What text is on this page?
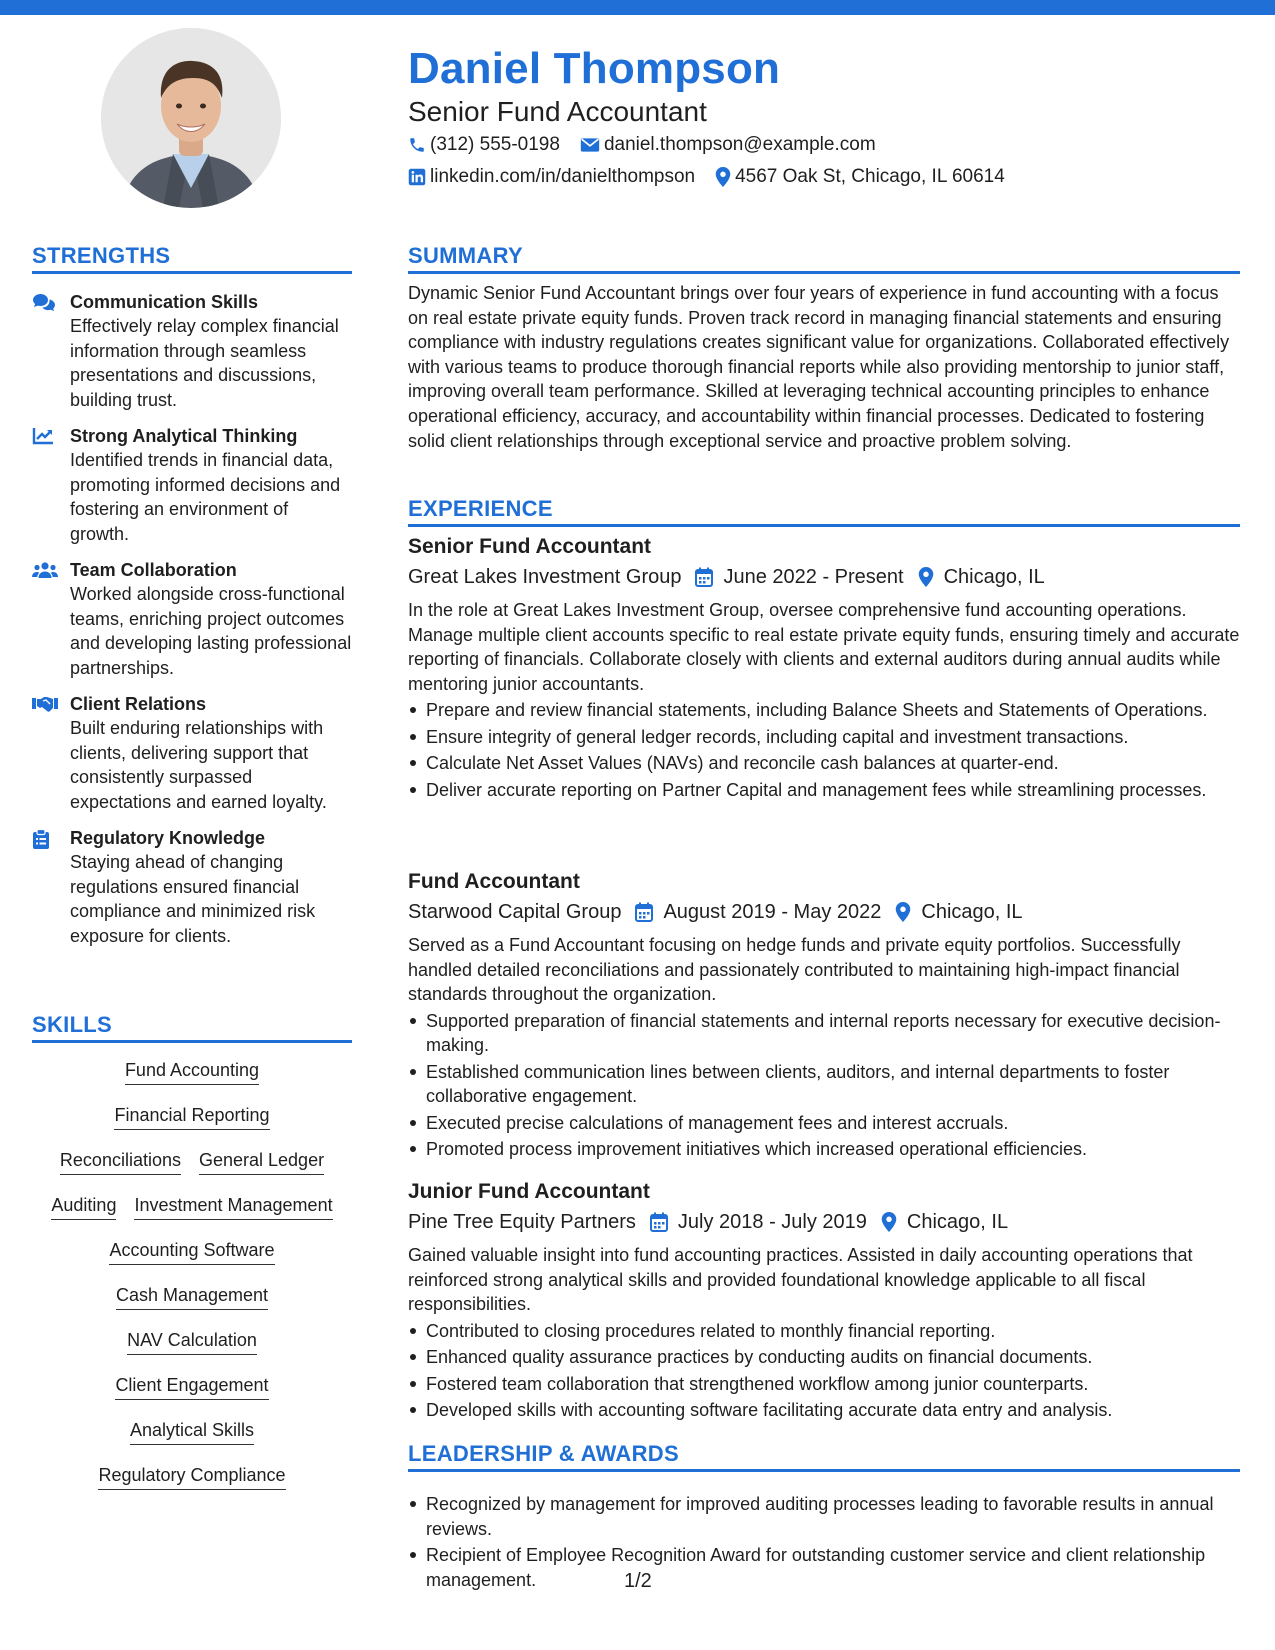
Daniel Thompson
Senior Fund Accountant
(312) 555-0198 daniel.thompson@example.com
linkedin.com/in/danielthompson 4567 Oak St, Chicago, IL 60614
STRENGTHS
Communication Skills
Effectively relay complex financial information through seamless presentations and discussions, building trust.
Strong Analytical Thinking
Identified trends in financial data, promoting informed decisions and fostering an environment of growth.
Team Collaboration
Worked alongside cross-functional teams, enriching project outcomes and developing lasting professional partnerships.
Client Relations
Built enduring relationships with clients, delivering support that consistently surpassed expectations and earned loyalty.
Regulatory Knowledge
Staying ahead of changing regulations ensured financial compliance and minimized risk exposure for clients.
SKILLS
Fund Accounting
Financial Reporting
Reconciliations General Ledger
Auditing Investment Management
Accounting Software
Cash Management
NAV Calculation
Client Engagement
Analytical Skills
Regulatory Compliance
SUMMARY
Dynamic Senior Fund Accountant brings over four years of experience in fund accounting with a focus on real estate private equity funds. Proven track record in managing financial statements and ensuring compliance with industry regulations creates significant value for organizations. Collaborated effectively with various teams to produce thorough financial reports while also providing mentorship to junior staff, improving overall team performance. Skilled at leveraging technical accounting principles to enhance operational efficiency, accuracy, and accountability within financial processes. Dedicated to fostering solid client relationships through exceptional service and proactive problem solving.
EXPERIENCE
Senior Fund Accountant
Great Lakes Investment Group June 2022 - Present Chicago, IL
In the role at Great Lakes Investment Group, oversee comprehensive fund accounting operations. Manage multiple client accounts specific to real estate private equity funds, ensuring timely and accurate reporting of financials. Collaborate closely with clients and external auditors during annual audits while mentoring junior accountants.
Prepare and review financial statements, including Balance Sheets and Statements of Operations.
Ensure integrity of general ledger records, including capital and investment transactions.
Calculate Net Asset Values (NAVs) and reconcile cash balances at quarter-end.
Deliver accurate reporting on Partner Capital and management fees while streamlining processes.
Fund Accountant
Starwood Capital Group August 2019 - May 2022 Chicago, IL
Served as a Fund Accountant focusing on hedge funds and private equity portfolios. Successfully handled detailed reconciliations and passionately contributed to maintaining high-impact financial standards throughout the organization.
Supported preparation of financial statements and internal reports necessary for executive decision-making.
Established communication lines between clients, auditors, and internal departments to foster collaborative engagement.
Executed precise calculations of management fees and interest accruals.
Promoted process improvement initiatives which increased operational efficiencies.
Junior Fund Accountant
Pine Tree Equity Partners July 2018 - July 2019 Chicago, IL
Gained valuable insight into fund accounting practices. Assisted in daily accounting operations that reinforced strong analytical skills and provided foundational knowledge applicable to all fiscal responsibilities.
Contributed to closing procedures related to monthly financial reporting.
Enhanced quality assurance practices by conducting audits on financial documents.
Fostered team collaboration that strengthened workflow among junior counterparts.
Developed skills with accounting software facilitating accurate data entry and analysis.
LEADERSHIP & AWARDS
Recognized by management for improved auditing processes leading to favorable results in annual reviews.
Recipient of Employee Recognition Award for outstanding customer service and client relationship management.	1/2
